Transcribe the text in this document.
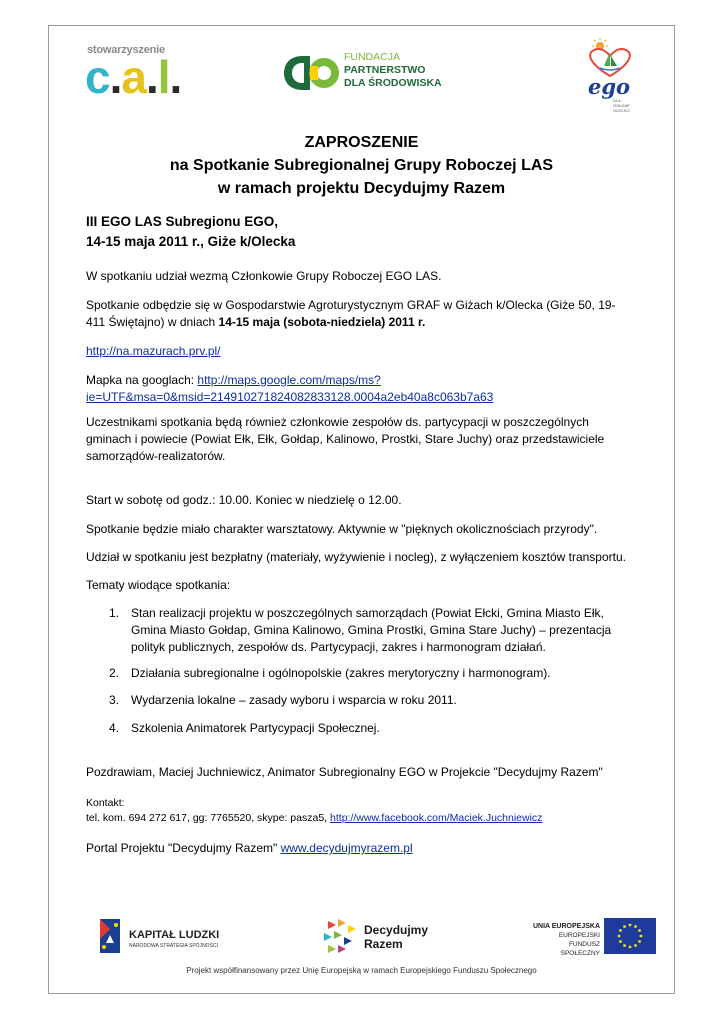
stowarzyszenie
c.a.l.	FUNDACJA
PARTNERSTWO
DLA ŚRODOWISKA	ego
DLA
GOŁDAP
OLECKO
ZAPROSZENIE
na Spotkanie Subregionalnej Grupy Roboczej LAS
w ramach projektu Decydujmy Razem
III EGO LAS Subregionu EGO,
14-15 maja 2011 r., Giże k/Olecka
W spotkaniu udział wezmą Członkowie Grupy Roboczej EGO LAS.
Spotkanie odbędzie się w Gospodarstwie Agroturystycznym GRAF w Giżach k/Olecka (Giże 50, 19-
411 Świętajno) w dniach 14-15 maja (sobota-niedziela) 2011 r.
http://na.mazurach.prv.pl/
Mapka na googlach: http://maps.google.com/maps/ms?
ie=UTF&msa=0&msid=214910271824082833128.0004a2eb40a8c063b7a63
Uczestnikami spotkania będą również członkowie zespołów ds. partycypacji w poszczególnych
gminach i powiecie (Powiat Ełk, Ełk, Gołdap, Kalinowo, Prostki, Stare Juchy) oraz przedstawiciele
samorządów-realizatorów.
Start w sobotę od godz.: 10.00. Koniec w niedzielę o 12.00.
Spotkanie będzie miało charakter warsztatowy. Aktywnie w "pięknych okolicznościach przyrody".
Udział w spotkaniu jest bezpłatny (materiały, wyżywienie i nocleg), z wyłączeniem kosztów transportu.
Tematy wiodące spotkania:
1. Stan realizacji projektu w poszczególnych samorządach (Powiat Ełcki, Gmina Miasto Ełk,
Gmina Miasto Gołdap, Gmina Kalinowo, Gmina Prostki, Gmina Stare Juchy) – prezentacja
polityk publicznych, zespołów ds. Partycypacji, zakres i harmonogram działań.
2. Działania subregionalne i ogólnopolskie (zakres merytoryczny i harmonogram).
3. Wydarzenia lokalne – zasady wyboru i wsparcia w roku 2011.
4. Szkolenia Animatorek Partycypacji Społecznej.
Pozdrawiam, Maciej Juchniewicz, Animator Subregionalny EGO w Projekcie "Decydujmy Razem"
Kontakt:
tel. kom. 694 272 617, gg: 7765520, skype: pasza5, http://www.facebook.com/Maciek.Juchniewicz
Portal Projektu "Decydujmy Razem" www.decydujmyrazem.pl
KAPITAŁ LUDZKI
NARODOWA STRATEGIA SPÓJNOŚCI
Decydujmy
Razem
UNIA EUROPEJSKA
EUROPEJSKI
FUNDUSZ SPOŁECZNY
Projekt współfinansowany przez Unię Europejską w ramach Europejskiego Funduszu Społecznego
